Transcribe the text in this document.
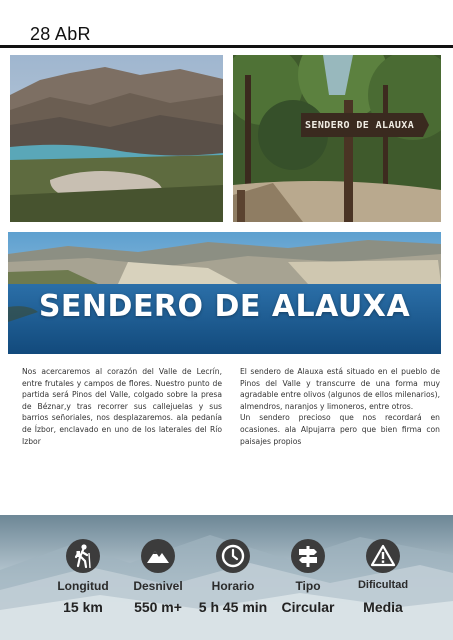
28 AbR
SENDERO DE ALAUXA
SENDERO DE ALAUXA

Nos acercaremos al corazón del Valle de Lecrín, entre frutales y campos de flores. Nuestro punto de partida será Pinos del Valle, colgado sobre la presa de Béznar,y tras recorrer sus callejuelas y sus barrios señoriales, nos desplazaremos. ala pedanía de Ízbor, enclavado en uno de los laterales del Río Izbor

El sendero de Alauxa está situado en el pueblo de Pinos del Valle y transcurre de una forma muy agradable entre olivos (algunos de ellos milenarios), almendros, naranjos y limoneros, entre otros.

Un sendero precioso que nos recordará en ocasiones. ala Alpujarra pero que bien firma con paisajes propios

Longitud
15 km
Desnivel
550 m+
Horario
5 h 45 min
Tipo
Circular
Dificultad
Media
